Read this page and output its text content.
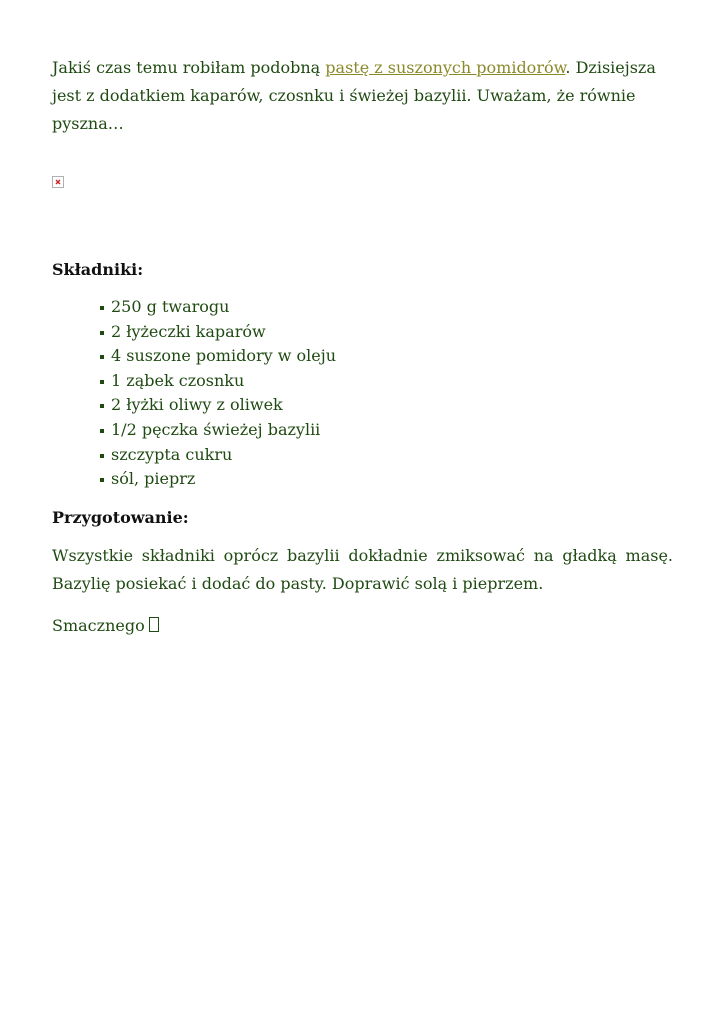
Jakiś czas temu robiłam podobną pastę z suszonych pomidorów. Dzisiejsza jest z dodatkiem kaparów, czosnku i świeżej bazylii. Uważam, że równie pyszna…

Składniki:

250 g twarogu
2 łyżeczki kaparów
4 suszone pomidory w oleju
1 ząbek czosnku
2 łyżki oliwy z oliwek
1/2 pęczka świeżej bazylii
szczypta cukru
sól, pieprz

Przygotowanie:

Wszystkie składniki oprócz bazylii dokładnie zmiksować na gładką masę.
Bazylię posiekać i dodać do pasty. Doprawić solą i pieprzem.

Smacznego
